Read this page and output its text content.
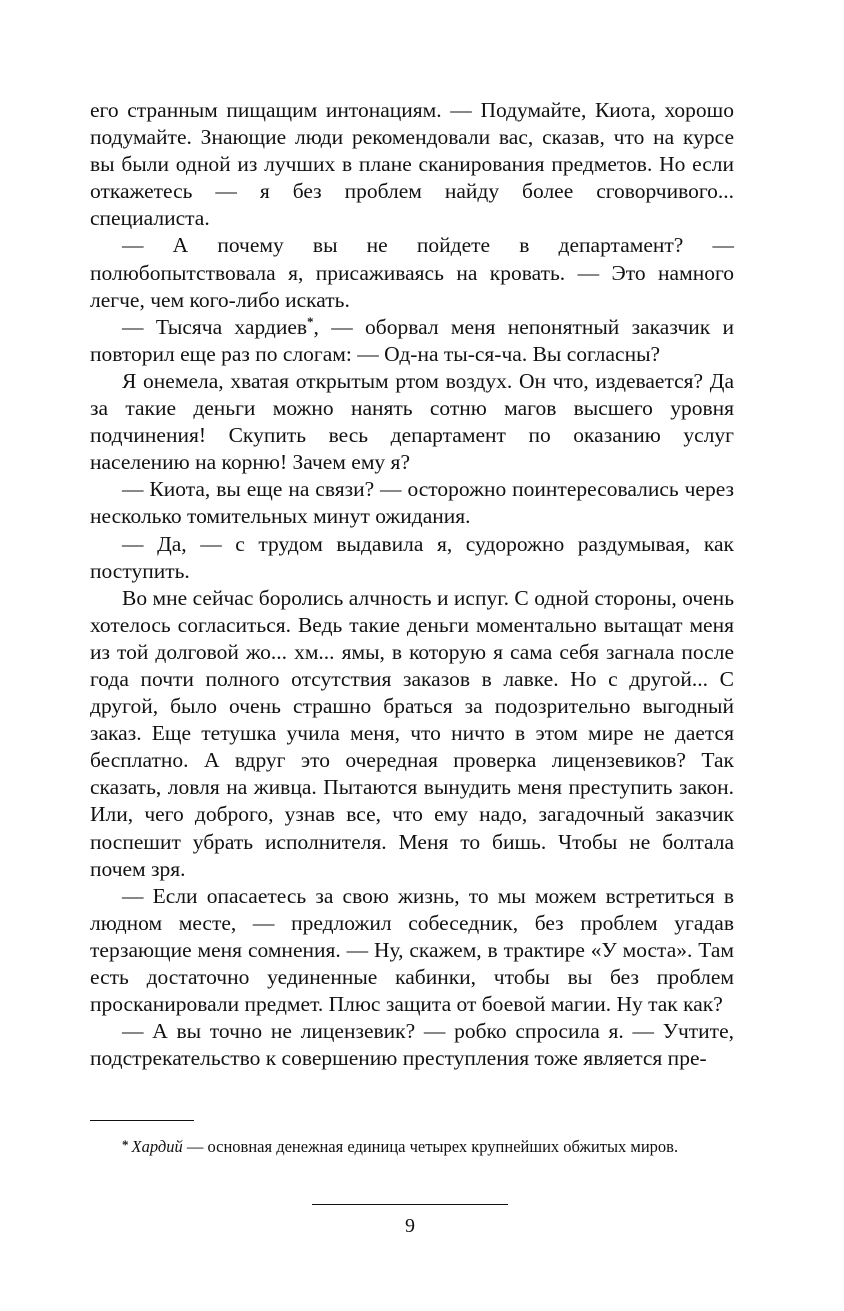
его странным пищащим интонациям. — Подумайте, Киота, хорошо подумайте. Знающие люди рекомендовали вас, сказав, что на курсе вы были одной из лучших в плане сканирования предметов. Но если откажетесь — я без проблем найду более сговорчивого... специалиста.

— А почему вы не пойдете в департамент? — полюбопытствовала я, присаживаясь на кровать. — Это намного легче, чем кого-либо искать.

— Тысяча хардиев*, — оборвал меня непонятный заказчик и повторил еще раз по слогам: — Од-на ты-ся-ча. Вы согласны?

Я онемела, хватая открытым ртом воздух. Он что, издевается? Да за такие деньги можно нанять сотню магов высшего уровня подчинения! Скупить весь департамент по оказанию услуг населению на корню! Зачем ему я?

— Киота, вы еще на связи? — осторожно поинтересовались через несколько томительных минут ожидания.

— Да, — с трудом выдавила я, судорожно раздумывая, как поступить.

Во мне сейчас боролись алчность и испуг. С одной стороны, очень хотелось согласиться. Ведь такие деньги моментально вытащат меня из той долговой жо... хм... ямы, в которую я сама себя загнала после года почти полного отсутствия заказов в лавке. Но с другой... С другой, было очень страшно браться за подозрительно выгодный заказ. Еще тетушка учила меня, что ничто в этом мире не дается бесплатно. А вдруг это очередная проверка лицензевиков? Так сказать, ловля на живца. Пытаются вынудить меня преступить закон. Или, чего доброго, узнав все, что ему надо, загадочный заказчик поспешит убрать исполнителя. Меня то бишь. Чтобы не болтала почем зря.

— Если опасаетесь за свою жизнь, то мы можем встретиться в людном месте, — предложил собеседник, без проблем угадав терзающие меня сомнения. — Ну, скажем, в трактире «У моста». Там есть достаточно уединенные кабинки, чтобы вы без проблем просканировали предмет. Плюс защита от боевой магии. Ну так как?

— А вы точно не лицензевик? — робко спросила я. — Учтите, подстрекательство к совершению преступления тоже является пре-

* Хардий — основная денежная единица четырех крупнейших обжитых миров.
9
